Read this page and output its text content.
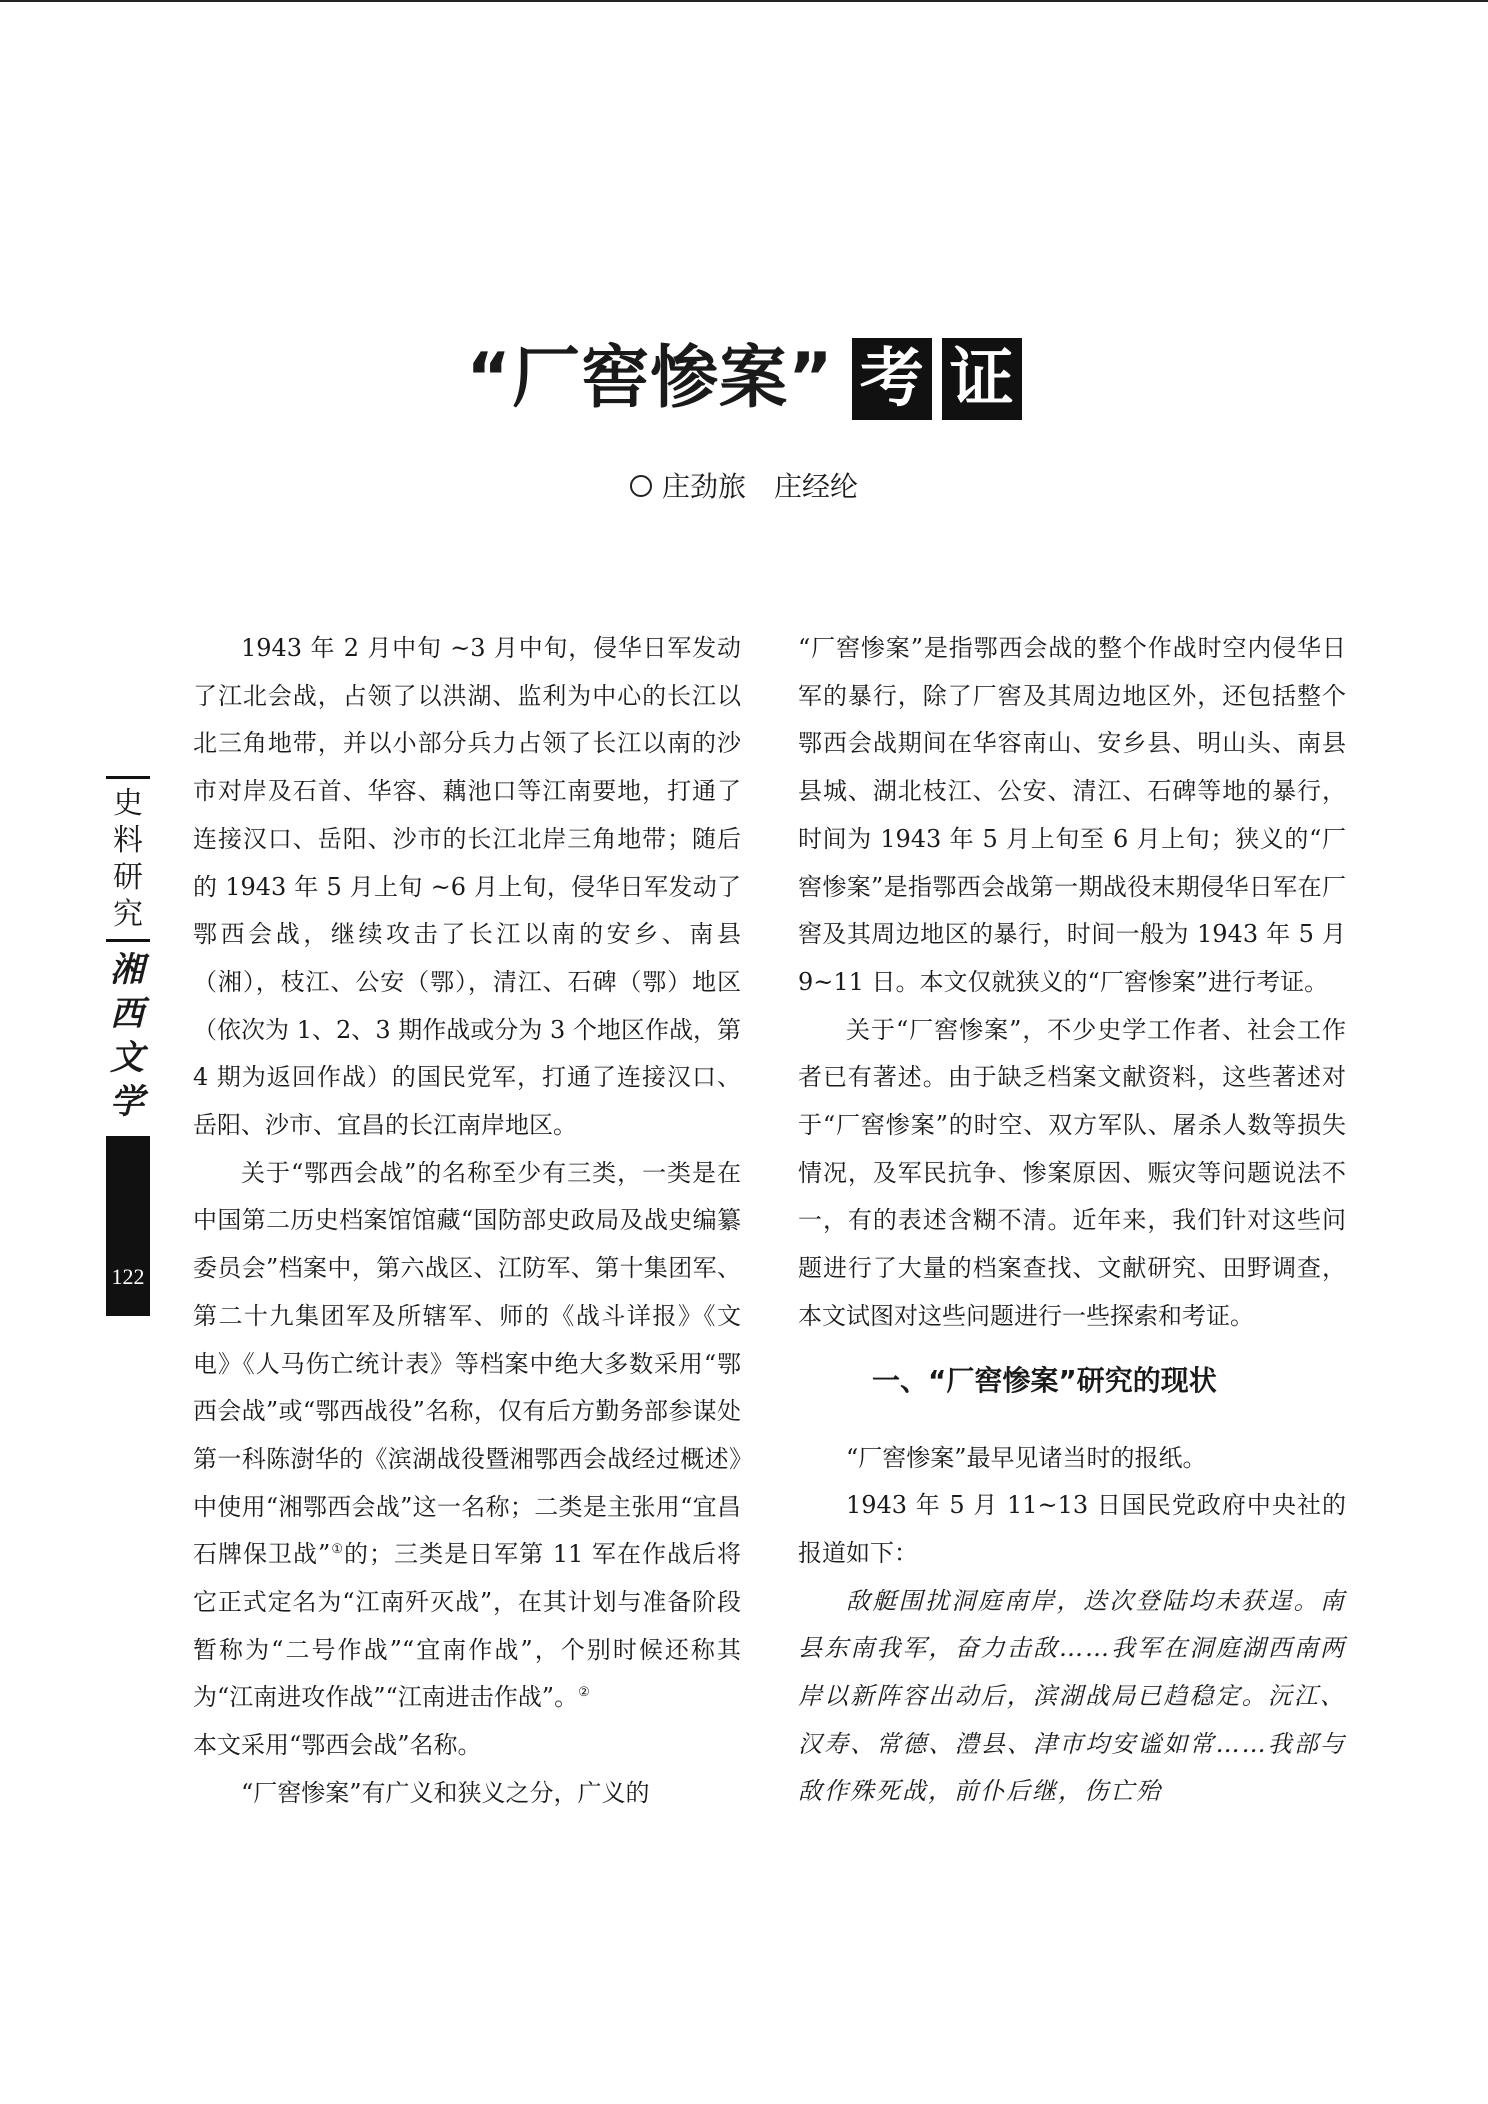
“厂窖惨案” 考 证
庄劲旅 庄经纶
史料研究
湘西文学
122

1943 年 2 月中旬 ~3 月中旬，侵华日军发动了江北会战，占领了以洪湖、监利为中心的长江以北三角地带，并以小部分兵力占领了长江以南的沙市对岸及石首、华容、藕池口等江南要地，打通了连接汉口、岳阳、沙市的长江北岸三角地带；随后的 1943 年 5 月上旬 ~6 月上旬，侵华日军发动了鄂西会战，继续攻击了长江以南的安乡、南县（湘），枝江、公安（鄂），清江、石碑（鄂）地区（依次为 1、2、3 期作战或分为 3 个地区作战，第 4 期为返回作战）的国民党军，打通了连接汉口、岳阳、沙市、宜昌的长江南岸地区。

关于“鄂西会战”的名称至少有三类，一类是在中国第二历史档案馆馆藏“国防部史政局及战史编纂委员会”档案中，第六战区、江防军、第十集团军、第二十九集团军及所辖军、师的《战斗详报》《文电》《人马伤亡统计表》等档案中绝大多数采用“鄂西会战”或“鄂西战役”名称，仅有后方勤务部参谋处第一科陈澍华的《滨湖战役暨湘鄂西会战经过概述》中使用“湘鄂西会战”这一名称；二类是主张用“宜昌石牌保卫战”①的；三类是日军第 11 军在作战后将它正式定名为“江南歼灭战”，在其计划与准备阶段暂称为“二号作战”“宜南作战”，个别时候还称其为“江南进攻作战”“江南进击作战”。②
本文采用“鄂西会战”名称。

“厂窖惨案”有广义和狭义之分，广义的

“厂窖惨案”是指鄂西会战的整个作战时空内侵华日军的暴行，除了厂窖及其周边地区外，还包括整个鄂西会战期间在华容南山、安乡县、明山头、南县县城、湖北枝江、公安、清江、石碑等地的暴行，时间为 1943 年 5 月上旬至 6 月上旬；狭义的“厂窖惨案”是指鄂西会战第一期战役末期侵华日军在厂窖及其周边地区的暴行，时间一般为 1943 年 5 月 9~11 日。本文仅就狭义的“厂窖惨案”进行考证。

关于“厂窖惨案”，不少史学工作者、社会工作者已有著述。由于缺乏档案文献资料，这些著述对于“厂窖惨案”的时空、双方军队、屠杀人数等损失情况，及军民抗争、惨案原因、赈灾等问题说法不一，有的表述含糊不清。近年来，我们针对这些问题进行了大量的档案查找、文献研究、田野调查，本文试图对这些问题进行一些探索和考证。

一、“厂窖惨案”研究的现状

“厂窖惨案”最早见诸当时的报纸。

1943 年 5 月 11~13 日国民党政府中央社的报道如下：

敌艇围扰洞庭南岸，迭次登陆均未获逞。南县东南我军，奋力击敌……我军在洞庭湖西南两岸以新阵容出动后，滨湖战局已趋稳定。沅江、汉寿、常德、澧县、津市均安谧如常……我部与敌作殊死战，前仆后继，伤亡殆
